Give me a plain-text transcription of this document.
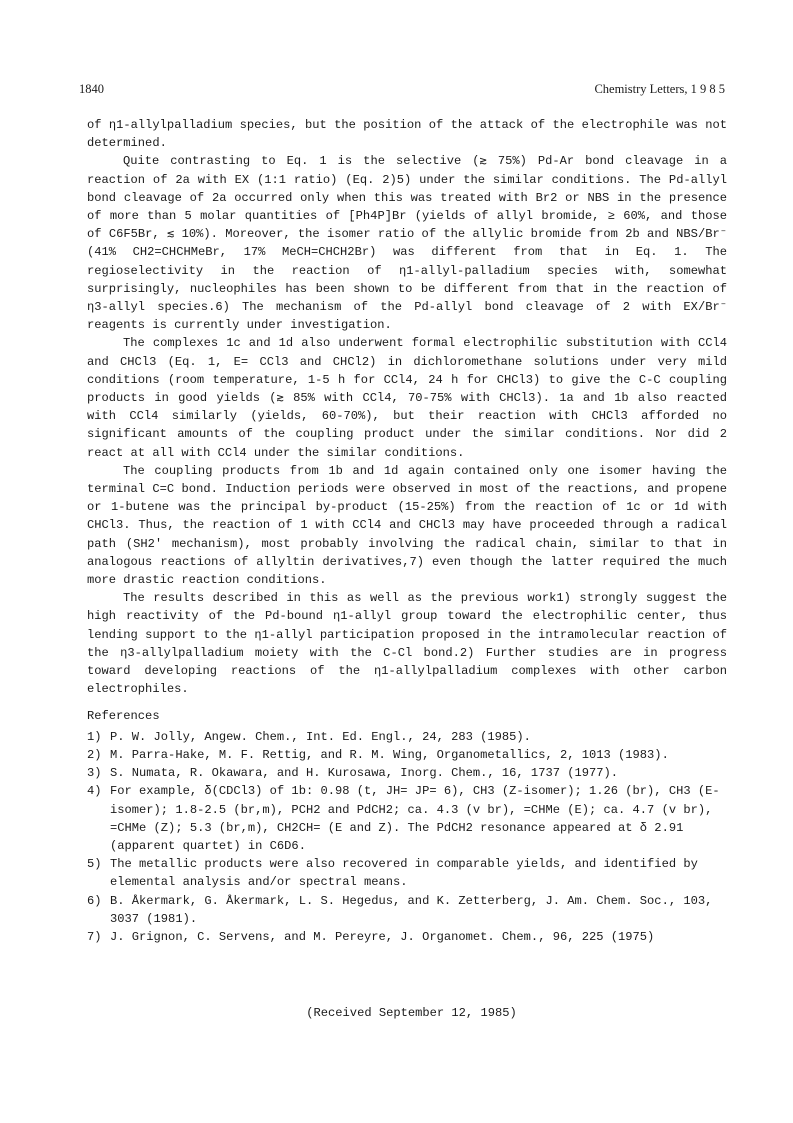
1840	Chemistry Letters, 1 9 8 5

of η1-allylpalladium species, but the position of the attack of the electrophile was not determined.

Quite contrasting to Eq. 1 is the selective (≳ 75%) Pd-Ar bond cleavage in a reaction of 2a with EX (1:1 ratio) (Eq. 2)5) under the similar conditions. The Pd-allyl bond cleavage of 2a occurred only when this was treated with Br2 or NBS in the presence of more than 5 molar quantities of [Ph4P]Br (yields of allyl bromide, ≥ 60%, and those of C6F5Br, ≲ 10%). Moreover, the isomer ratio of the allylic bromide from 2b and NBS/Br⁻ (41% CH2=CHCHMeBr, 17% MeCH=CHCH2Br) was different from that in Eq. 1. The regioselectivity in the reaction of η1-allyl-palladium species with, somewhat surprisingly, nucleophiles has been shown to be different from that in the reaction of η3-allyl species.6) The mechanism of the Pd-allyl bond cleavage of 2 with EX/Br⁻ reagents is currently under investigation.

The complexes 1c and 1d also underwent formal electrophilic substitution with CCl4 and CHCl3 (Eq. 1, E= CCl3 and CHCl2) in dichloromethane solutions under very mild conditions (room temperature, 1-5 h for CCl4, 24 h for CHCl3) to give the C-C coupling products in good yields (≳ 85% with CCl4, 70-75% with CHCl3). 1a and 1b also reacted with CCl4 similarly (yields, 60-70%), but their reaction with CHCl3 afforded no significant amounts of the coupling product under the similar conditions. Nor did 2 react at all with CCl4 under the similar conditions.

The coupling products from 1b and 1d again contained only one isomer having the terminal C=C bond. Induction periods were observed in most of the reactions, and propene or 1-butene was the principal by-product (15-25%) from the reaction of 1c or 1d with CHCl3. Thus, the reaction of 1 with CCl4 and CHCl3 may have proceeded through a radical path (SH2' mechanism), most probably involving the radical chain, similar to that in analogous reactions of allyltin derivatives,7) even though the latter required the much more drastic reaction conditions.

The results described in this as well as the previous work1) strongly suggest the high reactivity of the Pd-bound η1-allyl group toward the electrophilic center, thus lending support to the η1-allyl participation proposed in the intramolecular reaction of the η3-allylpalladium moiety with the C-Cl bond.2) Further studies are in progress toward developing reactions of the η1-allylpalladium complexes with other carbon electrophiles.

References
1) P. W. Jolly, Angew. Chem., Int. Ed. Engl., 24, 283 (1985).
2) M. Parra-Hake, M. F. Rettig, and R. M. Wing, Organometallics, 2, 1013 (1983).
3) S. Numata, R. Okawara, and H. Kurosawa, Inorg. Chem., 16, 1737 (1977).
4) For example, δ(CDCl3) of 1b: 0.98 (t, JH= JP= 6), CH3 (Z-isomer); 1.26 (br), CH3 (E-isomer); 1.8-2.5 (br,m), PCH2 and PdCH2; ca. 4.3 (v br), =CHMe (E); ca. 4.7 (v br), =CHMe (Z); 5.3 (br,m), CH2CH= (E and Z). The PdCH2 resonance appeared at δ 2.91 (apparent quartet) in C6D6.
5) The metallic products were also recovered in comparable yields, and identified by elemental analysis and/or spectral means.
6) B. Åkermark, G. Åkermark, L. S. Hegedus, and K. Zetterberg, J. Am. Chem. Soc., 103, 3037 (1981).
7) J. Grignon, C. Servens, and M. Pereyre, J. Organomet. Chem., 96, 225 (1975)
(Received September 12, 1985)
